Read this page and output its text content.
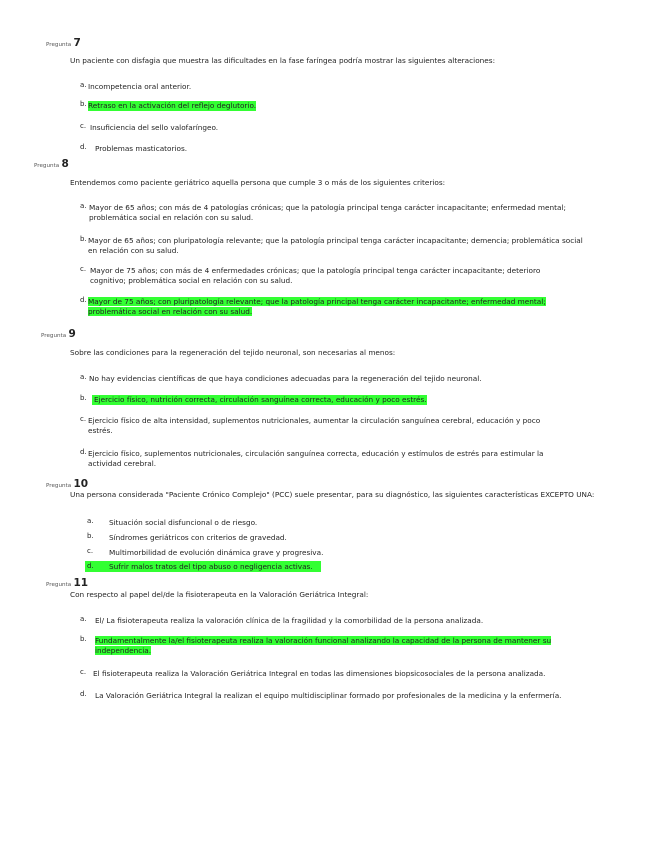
Pregunta 7
Un paciente con disfagia que muestra las dificultades en la fase faríngea podría mostrar las siguientes alteraciones:
a. Incompetencia oral anterior.
b. Retraso en la activación del reflejo deglutorio.
c. Insuficiencia del sello valofaríngeo.
d. Problemas masticatorios.
Pregunta 8
Entendemos como paciente geriátrico aquella persona que cumple 3 o más de los siguientes criterios:
a. Mayor de 65 años; con más de 4 patologías crónicas; que la patología principal tenga carácter incapacitante; enfermedad mental; problemática social en relación con su salud.
b. Mayor de 65 años; con pluripatología relevante; que la patología principal tenga carácter incapacitante; demencia; problemática social en relación con su salud.
c. Mayor de 75 años; con más de 4 enfermedades crónicas; que la patología principal tenga carácter incapacitante; deterioro cognitivo; problemática social en relación con su salud.
d. Mayor de 75 años; con pluripatología relevante; que la patología principal tenga carácter incapacitante; enfermedad mental; problemática social en relación con su salud.
Pregunta 9
Sobre las condiciones para la regeneración del tejido neuronal, son necesarias al menos:
a. No hay evidencias científicas de que haya condiciones adecuadas para la regeneración del tejido neuronal.
b. Ejercicio físico, nutrición correcta, circulación sanguínea correcta, educación y poco estrés.
c. Ejercicio físico de alta intensidad, suplementos nutricionales, aumentar la circulación sanguínea cerebral, educación y poco estrés.
d. Ejercicio físico, suplementos nutricionales, circulación sanguínea correcta, educación y estímulos de estrés para estimular la actividad cerebral.
Pregunta 10
Una persona considerada "Paciente Crónico Complejo" (PCC) suele presentar, para su diagnóstico, las siguientes características EXCEPTO UNA:
a. Situación social disfuncional o de riesgo.
b. Síndromes geriátricos con criterios de gravedad.
c. Multimorbilidad de evolución dinámica grave y progresiva.
d. Sufrir malos tratos del tipo abuso o negligencia activas.
Pregunta 11
Con respecto al papel del/de la fisioterapeuta en la Valoración Geriátrica Integral:
a. El/ La fisioterapeuta realiza la valoración clínica de la fragilidad y la comorbilidad de la persona analizada.
b. Fundamentalmente la/el fisioterapeuta realiza la valoración funcional analizando la capacidad de la persona de mantener su independencia.
c. El fisioterapeuta realiza la Valoración Geriátrica Integral en todas las dimensiones biopsicosociales de la persona analizada.
d. La Valoración Geriátrica Integral la realizan el equipo multidisciplinar formado por profesionales de la medicina y la enfermería.
